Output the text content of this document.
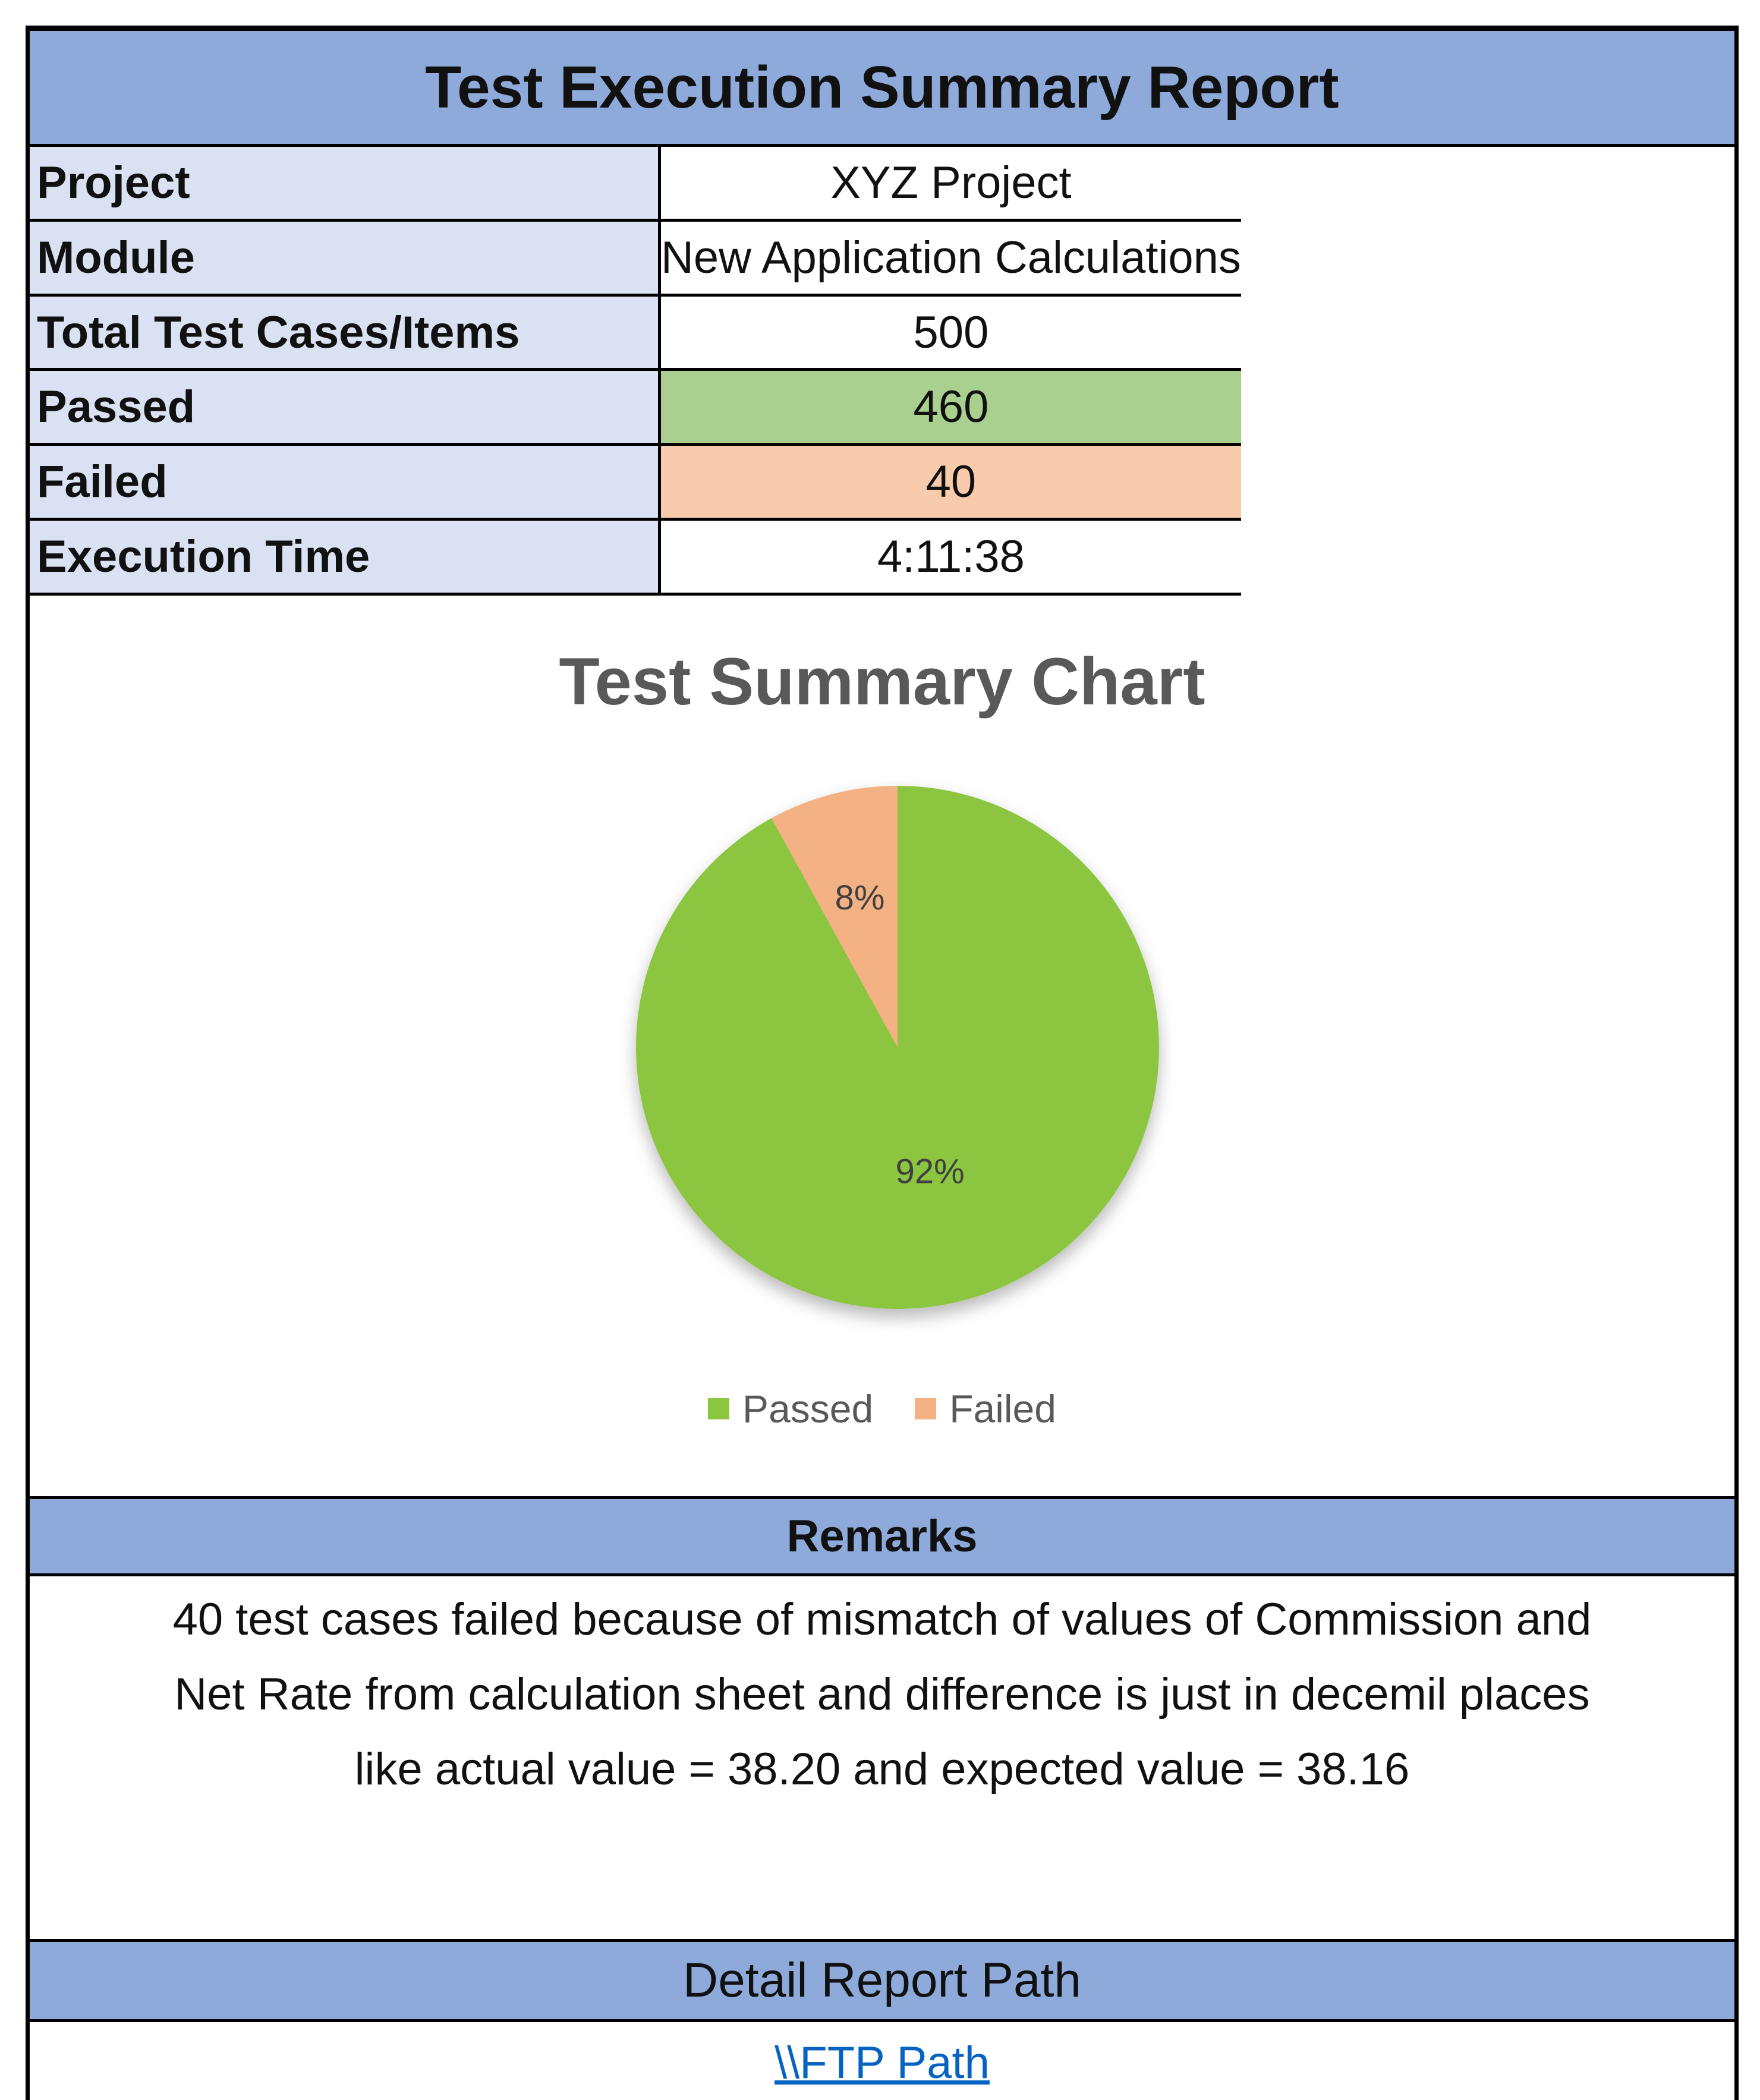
Test Execution Summary Report
Project	XYZ Project
Module	New Application Calculations
Total Test Cases/Items	500
Passed	460
Failed	40
Execution Time	4:11:38
Test Summary Chart
92%
8%
Passed Failed
Remarks
40 test cases failed because of mismatch of values of Commission and
Net Rate from calculation sheet and difference is just in decemil places
like actual value = 38.20 and expected value = 38.16
Detail Report Path
\\FTP Path
